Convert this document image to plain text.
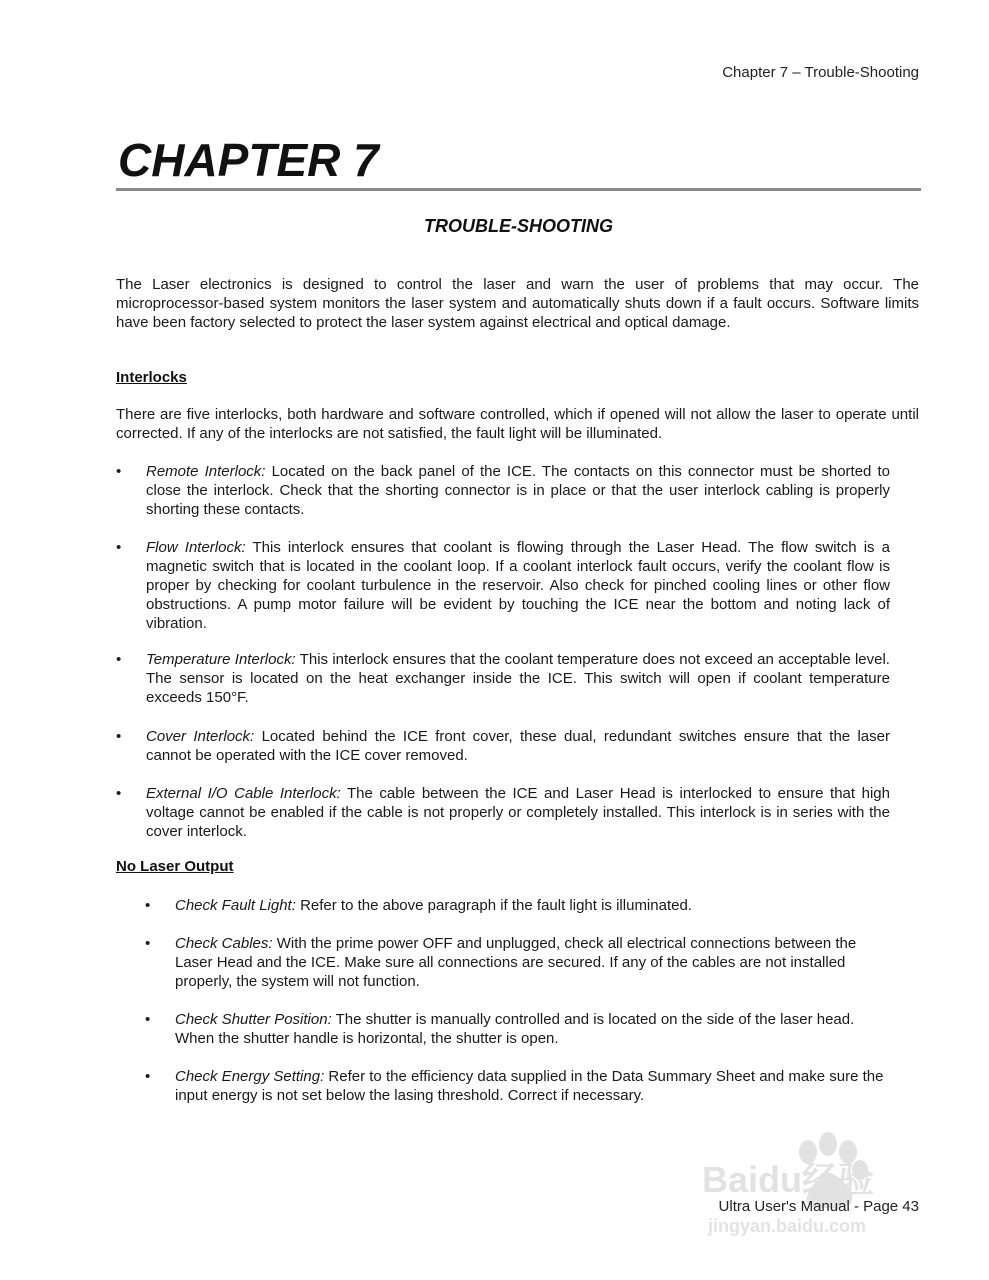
Chapter 7 – Trouble-Shooting
CHAPTER 7
TROUBLE-SHOOTING

The Laser electronics is designed to control the laser and warn the user of problems that may occur. The microprocessor-based system monitors the laser system and automatically shuts down if a fault occurs. Software limits have been factory selected to protect the laser system against electrical and optical damage.

Interlocks

There are five interlocks, both hardware and software controlled, which if opened will not allow the laser to operate until corrected. If any of the interlocks are not satisfied, the fault light will be illuminated.

• Remote Interlock: Located on the back panel of the ICE. The contacts on this connector must be shorted to close the interlock. Check that the shorting connector is in place or that the user interlock cabling is properly shorting these contacts.
• Flow Interlock: This interlock ensures that coolant is flowing through the Laser Head. The flow switch is a magnetic switch that is located in the coolant loop. If a coolant interlock fault occurs, verify the coolant flow is proper by checking for coolant turbulence in the reservoir. Also check for pinched cooling lines or other flow obstructions. A pump motor failure will be evident by touching the ICE near the bottom and noting lack of vibration.
• Temperature Interlock: This interlock ensures that the coolant temperature does not exceed an acceptable level. The sensor is located on the heat exchanger inside the ICE. This switch will open if coolant temperature exceeds 150°F.
• Cover Interlock: Located behind the ICE front cover, these dual, redundant switches ensure that the laser cannot be operated with the ICE cover removed.
• External I/O Cable Interlock: The cable between the ICE and Laser Head is interlocked to ensure that high voltage cannot be enabled if the cable is not properly or completely installed. This interlock is in series with the cover interlock.
No Laser Output
• Check Fault Light: Refer to the above paragraph if the fault light is illuminated.
• Check Cables: With the prime power OFF and unplugged, check all electrical connections between the Laser Head and the ICE. Make sure all connections are secured. If any of the cables are not installed properly, the system will not function.
• Check Shutter Position: The shutter is manually controlled and is located on the side of the laser head. When the shutter handle is horizontal, the shutter is open.
• Check Energy Setting: Refer to the efficiency data supplied in the Data Summary Sheet and make sure the input energy is not set below the lasing threshold. Correct if necessary.
Baidu经验
jingyan.baidu.com
Ultra User's Manual - Page 43
